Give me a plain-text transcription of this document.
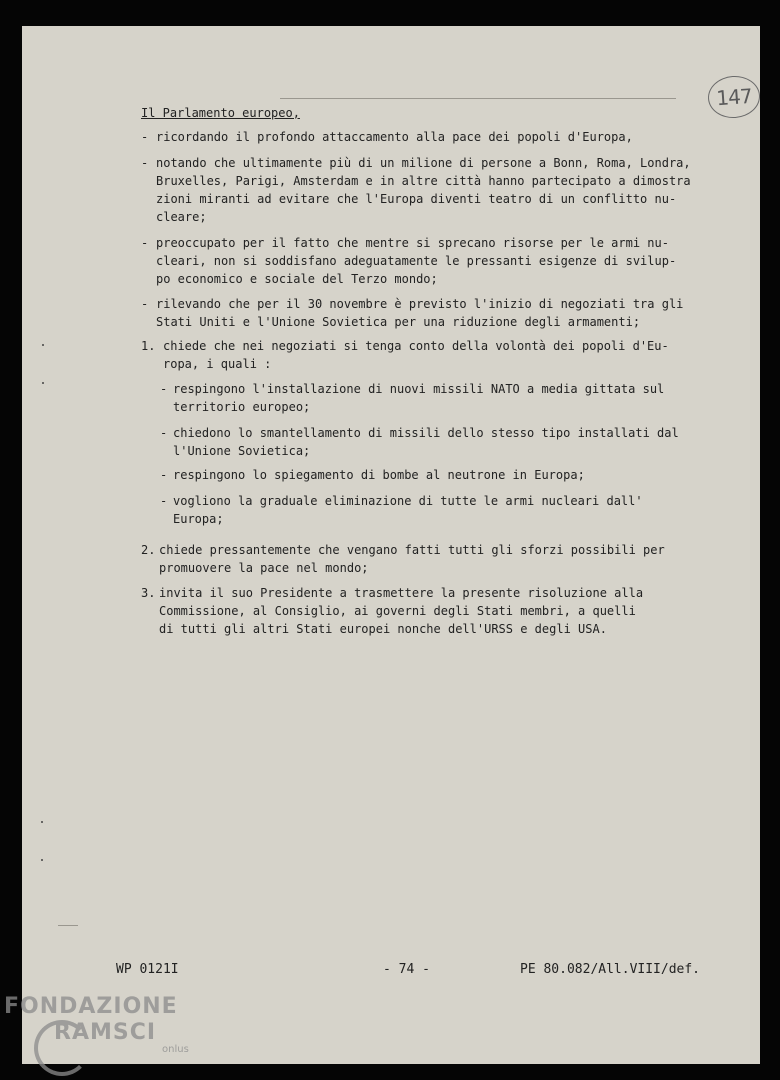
147
Il Parlamento europeo,
- ricordando il profondo attaccamento alla pace dei popoli d'Europa,
- notando che ultimamente più di un milione di persone a Bonn, Roma, Londra,
Bruxelles, Parigi, Amsterdam e in altre città hanno partecipato a dimostra
zioni miranti ad evitare che l'Europa diventi teatro di un conflitto nu-
cleare;
- preoccupato per il fatto che mentre si sprecano risorse per le armi nu-
cleari, non si soddisfano adeguatamente le pressanti esigenze di svilup-
po economico e sociale del Terzo mondo;
- rilevando che per il 30 novembre è previsto l'inizio di negoziati tra gli
Stati Uniti e l'Unione Sovietica per una riduzione degli armamenti;
1. chiede che nei negoziati si tenga conto della volontà dei popoli d'Eu-
ropa, i quali :
- respingono l'installazione di nuovi missili NATO a media gittata sul
territorio europeo;
- chiedono lo smantellamento di missili dello stesso tipo installati dal
l'Unione Sovietica;
- respingono lo spiegamento di bombe al neutrone in Europa;
- vogliono la graduale eliminazione di tutte le armi nucleari dall'
Europa;
2. chiede pressantemente che vengano fatti tutti gli sforzi possibili per
promuovere la pace nel mondo;
3. invita il suo Presidente a trasmettere la presente risoluzione alla
Commissione, al Consiglio, ai governi degli Stati membri, a quelli
di tutti gli altri Stati europei nonche dell'URSS e degli USA.
WP 0121I	- 74 -	PE 80.082/All.VIII/def.
FONDAZIONE
RAMSCI
onlus
